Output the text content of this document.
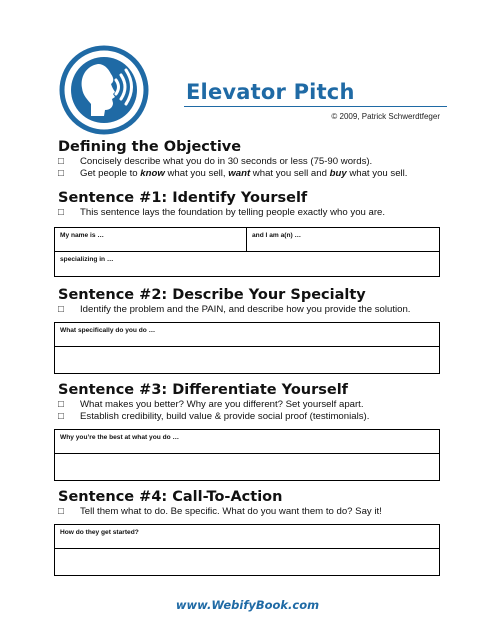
Elevator Pitch
© 2009, Patrick Schwerdtfeger
Defining the Objective
□ Concisely describe what you do in 30 seconds or less (75-90 words).
□ Get people to know what you sell, want what you sell and buy what you sell.
Sentence #1: Identify Yourself
□ This sentence lays the foundation by telling people exactly who you are.
My name is …	and I am a(n) …
specializing in …
Sentence #2: Describe Your Specialty
□ Identify the problem and the PAIN, and describe how you provide the solution.
What specifically do you do …
Sentence #3: Differentiate Yourself
□ What makes you better? Why are you different? Set yourself apart.
□ Establish credibility, build value & provide social proof (testimonials).
Why you’re the best at what you do …
Sentence #4: Call-To-Action
□ Tell them what to do. Be specific. What do you want them to do? Say it!
How do they get started?
www.WebifyBook.com
